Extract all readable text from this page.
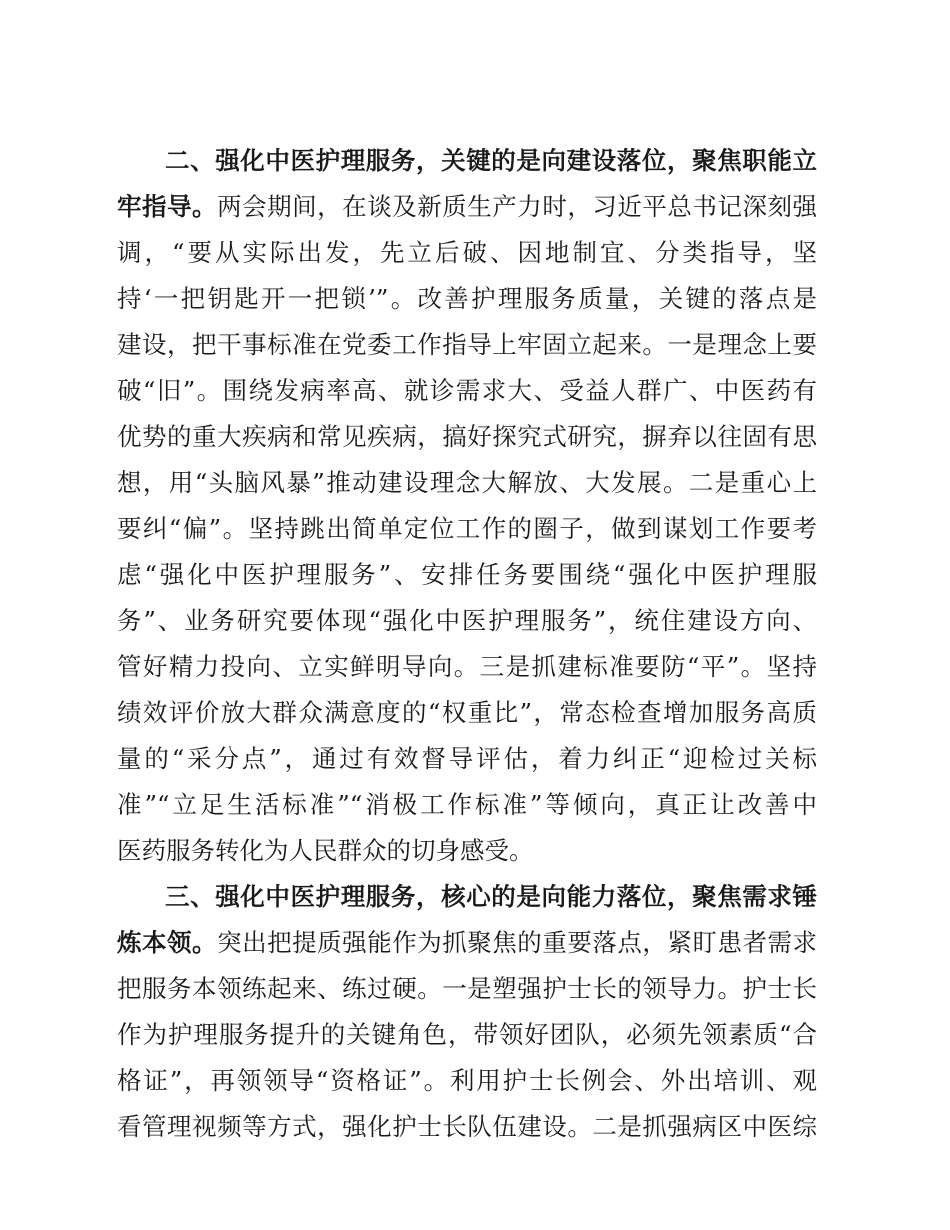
二、强化中医护理服务，关键的是向建设落位，聚焦职能立
牢指导。两会期间，在谈及新质生产力时，习近平总书记深刻强
调，“要从实际出发，先立后破、因地制宜、分类指导，坚
持‘一把钥匙开一把锁’”。改善护理服务质量，关键的落点是
建设，把干事标准在党委工作指导上牢固立起来。一是理念上要
破“旧”。围绕发病率高、就诊需求大、受益人群广、中医药有
优势的重大疾病和常见疾病，搞好探究式研究，摒弃以往固有思
想，用“头脑风暴”推动建设理念大解放、大发展。二是重心上
要纠“偏”。坚持跳出简单定位工作的圈子，做到谋划工作要考
虑“强化中医护理服务”、安排任务要围绕“强化中医护理服
务”、业务研究要体现“强化中医护理服务”，统住建设方向、
管好精力投向、立实鲜明导向。三是抓建标准要防“平”。坚持
绩效评价放大群众满意度的“权重比”，常态检查增加服务高质
量的“采分点”，通过有效督导评估，着力纠正“迎检过关标
准”“立足生活标准”“消极工作标准”等倾向，真正让改善中
医药服务转化为人民群众的切身感受。
三、强化中医护理服务，核心的是向能力落位，聚焦需求锤
炼本领。突出把提质强能作为抓聚焦的重要落点，紧盯患者需求
把服务本领练起来、练过硬。一是塑强护士长的领导力。护士长
作为护理服务提升的关键角色，带领好团队，必须先领素质“合
格证”，再领领导“资格证”。利用护士长例会、外出培训、观
看管理视频等方式，强化护士长队伍建设。二是抓强病区中医综
